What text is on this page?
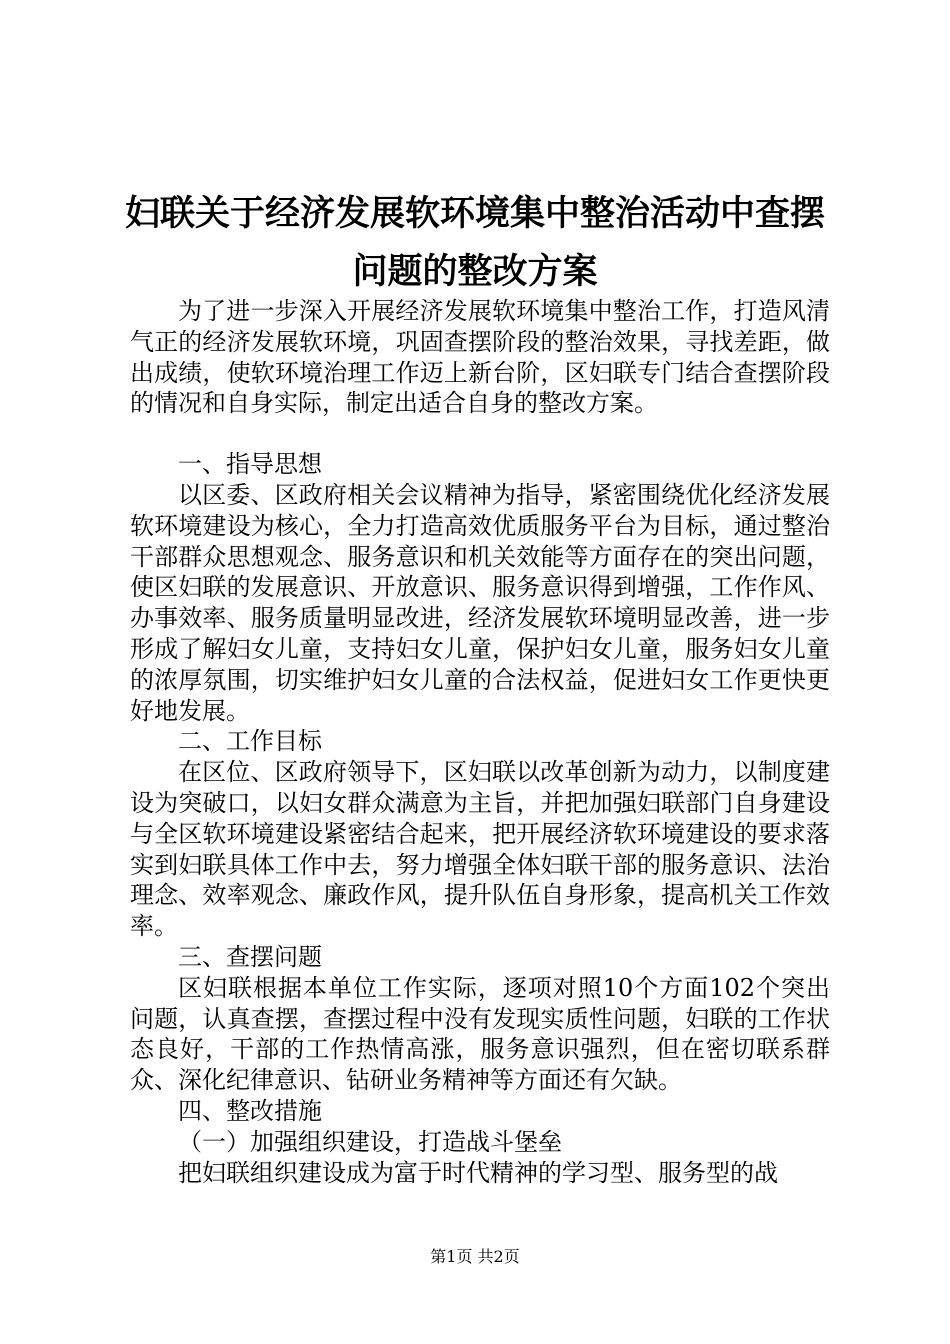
妇联关于经济发展软环境集中整治活动中查摆
问题的整改方案

为了进一步深入开展经济发展软环境集中整治工作，打造风清气正的经济发展软环境，巩固查摆阶段的整治效果，寻找差距，做出成绩，使软环境治理工作迈上新台阶，区妇联专门结合查摆阶段的情况和自身实际，制定出适合自身的整改方案。

一、指导思想

以区委、区政府相关会议精神为指导，紧密围绕优化经济发展软环境建设为核心，全力打造高效优质服务平台为目标，通过整治干部群众思想观念、服务意识和机关效能等方面存在的突出问题，使区妇联的发展意识、开放意识、服务意识得到增强，工作作风、办事效率、服务质量明显改进，经济发展软环境明显改善，进一步形成了解妇女儿童，支持妇女儿童，保护妇女儿童，服务妇女儿童的浓厚氛围，切实维护妇女儿童的合法权益，促进妇女工作更快更好地发展。

二、工作目标

在区位、区政府领导下，区妇联以改革创新为动力，以制度建设为突破口，以妇女群众满意为主旨，并把加强妇联部门自身建设与全区软环境建设紧密结合起来，把开展经济软环境建设的要求落实到妇联具体工作中去，努力增强全体妇联干部的服务意识、法治理念、效率观念、廉政作风，提升队伍自身形象，提高机关工作效率。

三、查摆问题

区妇联根据本单位工作实际，逐项对照10个方面102个突出问题，认真查摆，查摆过程中没有发现实质性问题，妇联的工作状态良好，干部的工作热情高涨，服务意识强烈，但在密切联系群众、深化纪律意识、钻研业务精神等方面还有欠缺。

四、整改措施

（一）加强组织建设，打造战斗堡垒

把妇联组织建设成为富于时代精神的学习型、服务型的战

第1页 共2页
